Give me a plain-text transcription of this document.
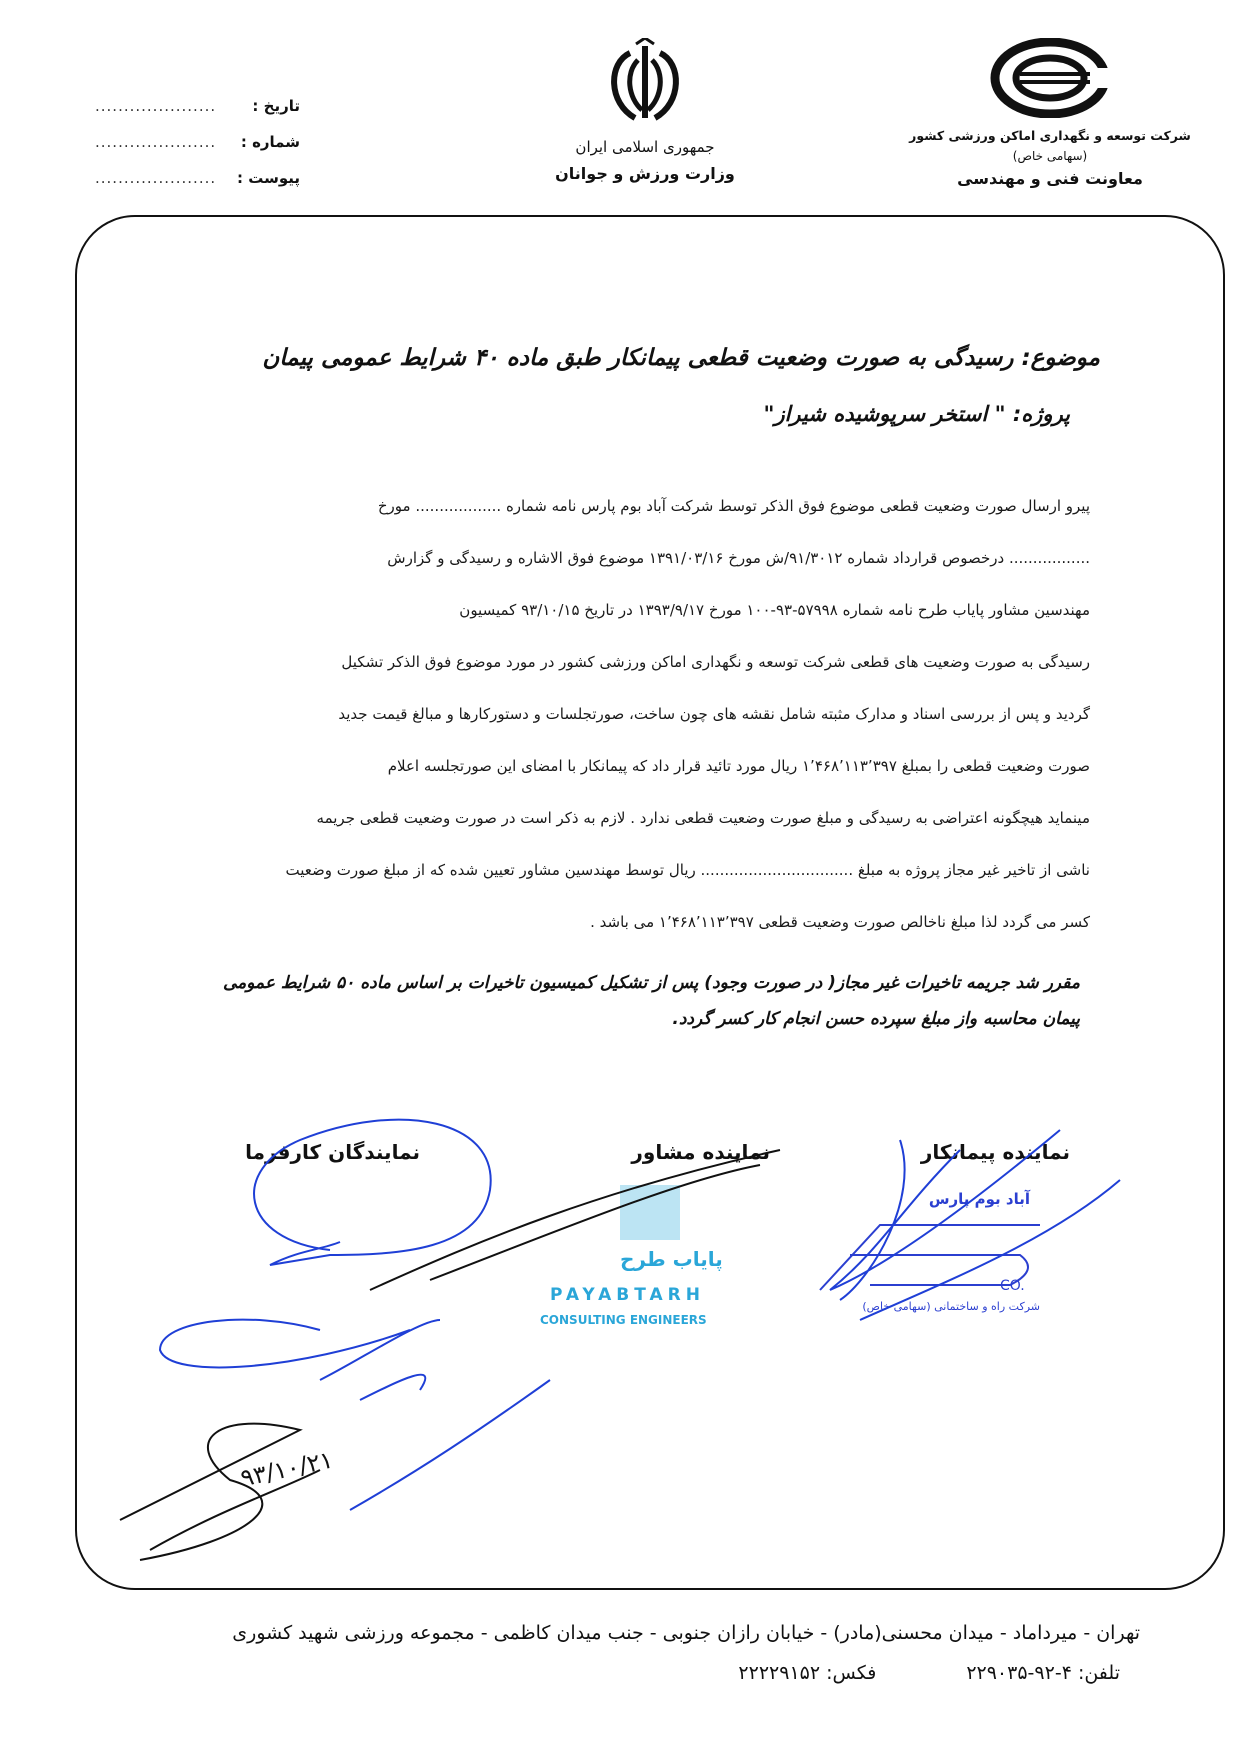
تاریخ :
.....................
شماره :
.....................
پیوست :
.....................
جمهوری اسلامی ایران
وزارت ورزش و جوانان
شرکت توسعه و نگهداری اماکن ورزشی کشور
(سهامی خاص)
معاونت فنی و مهندسی
موضوع: رسیدگی به صورت وضعیت قطعی پیمانکار طبق ماده ۴۰ شرایط عمومی پیمان
پروژه: " استخر سرپوشیده شیراز"
پیرو ارسال صورت وضعیت قطعی موضوع فوق الذکر توسط شرکت آباد بوم پارس نامه شماره .................. مورخ
................. درخصوص قرارداد شماره ۹۱/۳۰۱۲/ش مورخ ۱۳۹۱/۰۳/۱۶ موضوع فوق الاشاره و رسیدگی و گزارش
مهندسین مشاور پایاب طرح نامه شماره ۵۷۹۹۸-۹۳-۱۰۰ مورخ ۱۳۹۳/۹/۱۷ در تاریخ ۹۳/۱۰/۱۵ کمیسیون
رسیدگی به صورت وضعیت های قطعی شرکت توسعه و نگهداری اماکن ورزشی کشور در مورد موضوع فوق الذکر تشکیل
گردید و پس از بررسی اسناد و مدارک مثبته شامل نقشه های چون ساخت، صورتجلسات و دستورکارها و مبالغ قیمت جدید
صورت وضعیت قطعی را بمبلغ ۱٬۴۶۸٬۱۱۳٬۳۹۷ ریال مورد تائید قرار داد که پیمانکار با امضای این صورتجلسه اعلام
مینماید هیچگونه اعتراضی به رسیدگی و مبلغ صورت وضعیت قطعی ندارد . لازم به ذکر است در صورت وضعیت قطعی جریمه
ناشی از تاخیر غیر مجاز پروژه به مبلغ ................................ ریال توسط مهندسین مشاور تعیین شده که از مبلغ صورت وضعیت
کسر می گردد لذا مبلغ ناخالص صورت وضعیت قطعی ۱٬۴۶۸٬۱۱۳٬۳۹۷ می باشد .
مقرر شد جریمه تاخیرات غیر مجاز( در صورت وجود) پس از تشکیل کمیسیون تاخیرات بر اساس ماده ۵۰ شرایط عمومی پیمان محاسبه واز مبلغ سپرده حسن انجام کار کسر گردد.
نماینده پیمانکار
نماینده مشاور
نمایندگان کارفرما
پایاب طرح
PAYABTARH
CONSULTING ENGINEERS
آباد بوم پارس
CO.
شرکت راه و ساختمانی (سهامی خاص)
۹۳/۱۰/۲۱
تهران - میرداماد - میدان محسنی(مادر) - خیابان رازان جنوبی - جنب میدان کاظمی - مجموعه ورزشی شهید کشوری
تلفن: ۴-۹۲-۲۲۹۰۳۵
فکس: ۲۲۲۲۹۱۵۲
